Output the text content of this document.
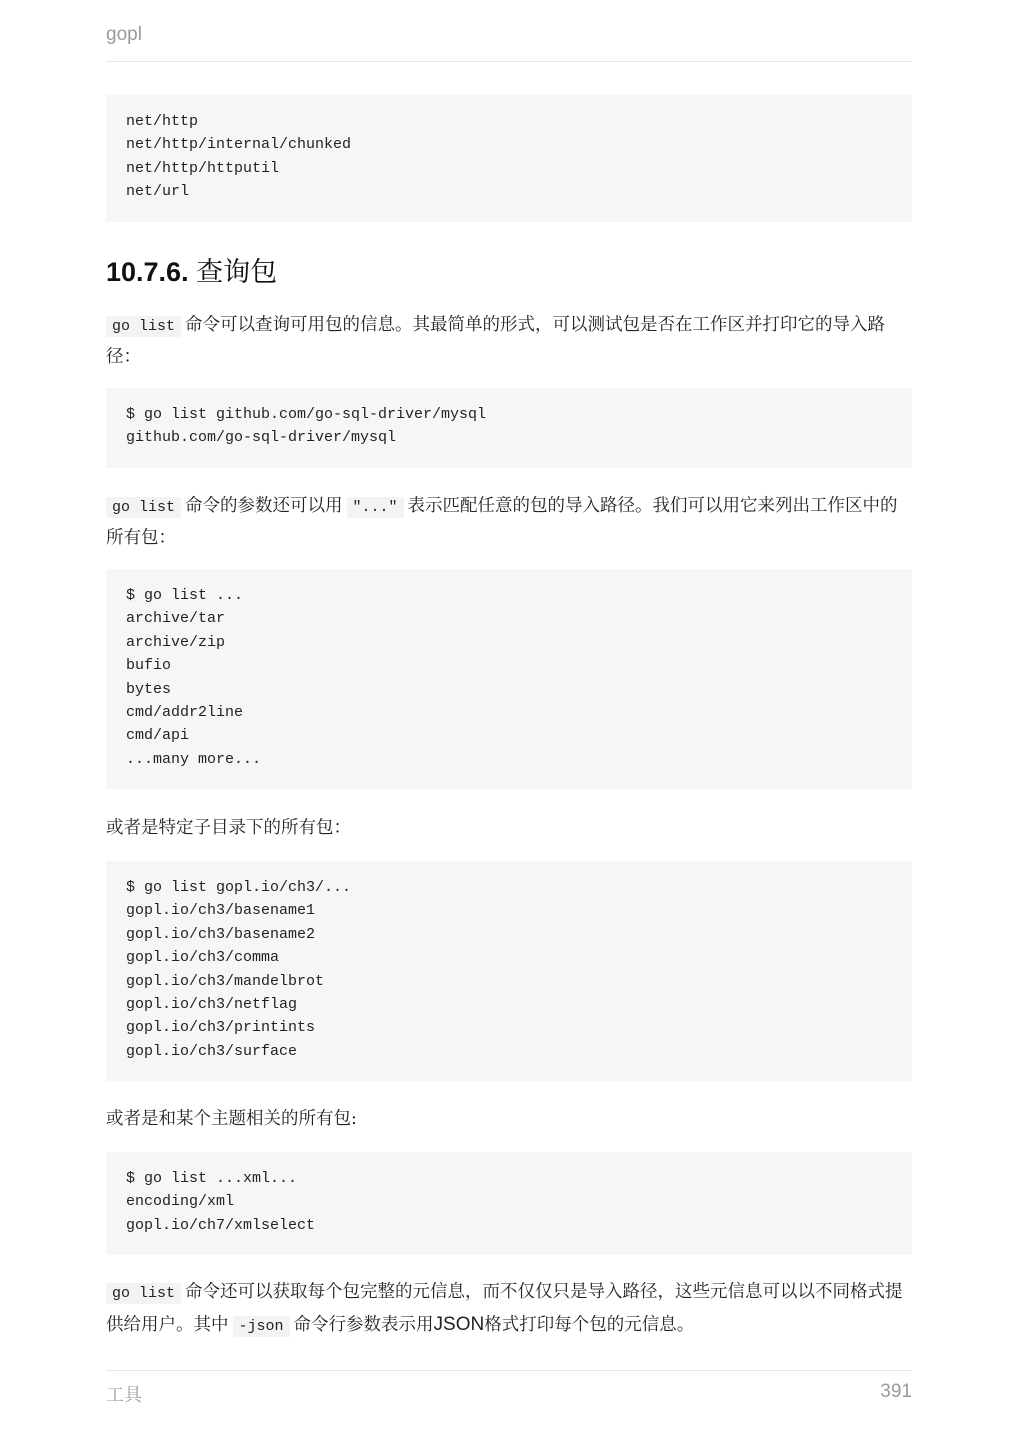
gopl
net/http
net/http/internal/chunked
net/http/httputil
net/url
10.7.6. 查询包
go list 命令可以查询可用包的信息。其最简单的形式，可以测试包是否在工作区并打印它的导入路径：
$ go list github.com/go-sql-driver/mysql
github.com/go-sql-driver/mysql
go list 命令的参数还可以用 "..." 表示匹配任意的包的导入路径。我们可以用它来列出工作区中的所有包：
$ go list ...
archive/tar
archive/zip
bufio
bytes
cmd/addr2line
cmd/api
...many more...
或者是特定子目录下的所有包：
$ go list gopl.io/ch3/...
gopl.io/ch3/basename1
gopl.io/ch3/basename2
gopl.io/ch3/comma
gopl.io/ch3/mandelbrot
gopl.io/ch3/netflag
gopl.io/ch3/printints
gopl.io/ch3/surface
或者是和某个主题相关的所有包:
$ go list ...xml...
encoding/xml
gopl.io/ch7/xmlselect
go list 命令还可以获取每个包完整的元信息，而不仅仅只是导入路径，这些元信息可以以不同格式提供给用户。其中 -json 命令行参数表示用JSON格式打印每个包的元信息。
工具	391
